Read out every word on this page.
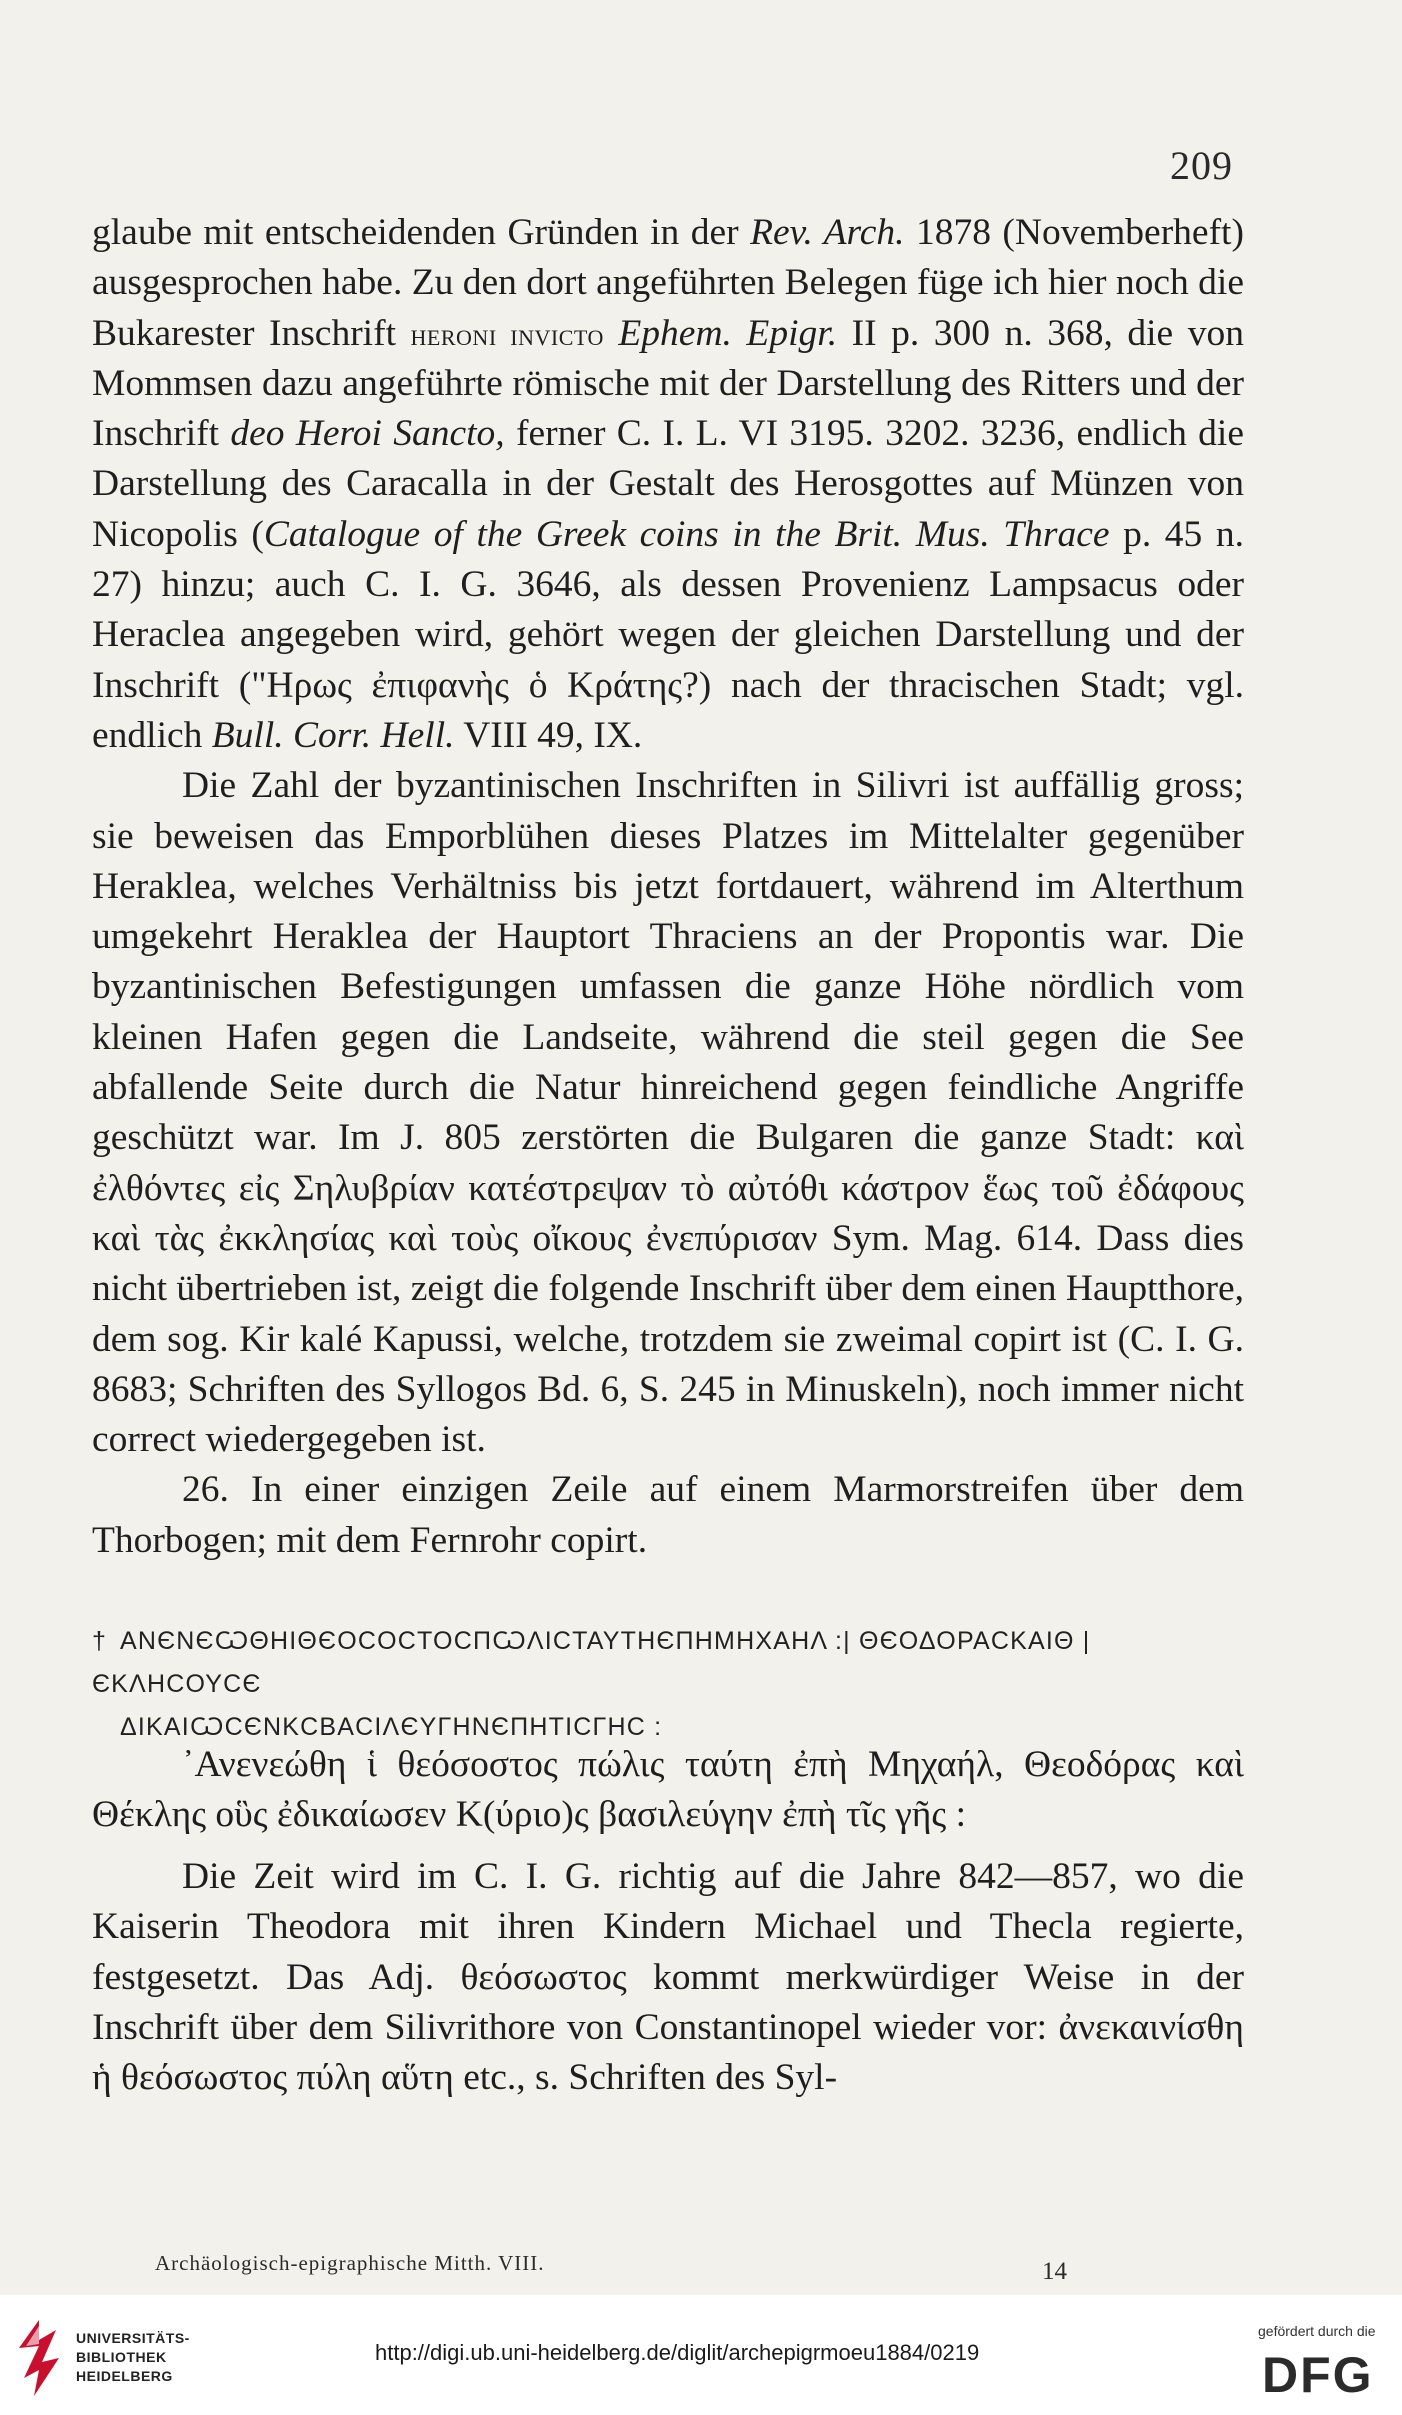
209

glaube mit entscheidenden Gründen in der Rev. Arch. 1878 (Novemberheft) ausgesprochen habe. Zu den dort angeführten Belegen füge ich hier noch die Bukarester Inschrift heroni invicto Ephem. Epigr. II p. 300 n. 368, die von Mommsen dazu angeführte römische mit der Darstellung des Ritters und der Inschrift deo Heroi Sancto, ferner C. I. L. VI 3195. 3202. 3236, endlich die Darstellung des Caracalla in der Gestalt des Herosgottes auf Münzen von Nicopolis (Catalogue of the Greek coins in the Brit. Mus. Thrace p. 45 n. 27) hinzu; auch C. I. G. 3646, als dessen Provenienz Lampsacus oder Heraclea angegeben wird, gehört wegen der gleichen Darstellung und der Inschrift ("Ηρως ἐπιφανὴς ὁ Κράτης?) nach der thracischen Stadt; vgl. endlich Bull. Corr. Hell. VIII 49, IX.

Die Zahl der byzantinischen Inschriften in Silivri ist auffällig gross; sie beweisen das Emporblühen dieses Platzes im Mittelalter gegenüber Heraklea, welches Verhältniss bis jetzt fortdauert, während im Alterthum umgekehrt Heraklea der Hauptort Thraciens an der Propontis war. Die byzantinischen Befestigungen umfassen die ganze Höhe nördlich vom kleinen Hafen gegen die Landseite, während die steil gegen die See abfallende Seite durch die Natur hinreichend gegen feindliche Angriffe geschützt war. Im J. 805 zerstörten die Bulgaren die ganze Stadt: καὶ ἐλθόντες εἰς Σηλυβρίαν κατέστρεψαν τὸ αὐτόθι κάστρον ἕως τοῦ ἐδάφους καὶ τὰς ἐκκλησίας καὶ τοὺς οἴκους ἐνεπύρισαν Sym. Mag. 614. Dass dies nicht übertrieben ist, zeigt die folgende Inschrift über dem einen Hauptthore, dem sog. Kir kalé Kapussi, welche, trotzdem sie zweimal copirt ist (C. I. G. 8683; Schriften des Syllogos Bd. 6, S. 245 in Minuskeln), noch immer nicht correct wiedergegeben ist.

26. In einer einzigen Zeile auf einem Marmorstreifen über dem Thorbogen; mit dem Fernrohr copirt.

† ΑΝЄΝЄѠΘΗΙΘЄΟϹΟϹΤΟϹΠѠΛΙϹΤΑΥΤΗЄΠΗΜΗΧΑΗΛ :| ΘЄΟΔΟΡΑϹΚΑΙΘ | ЄΚΛΗϹΟΥϹЄ
ΔΙΚΑΙѠϹЄΝΚϹΒΑϹΙΛЄΥΓΗΝЄΠΗΤΙϹΓΗϹ :

᾿Ανενεώθη ἱ θεόσοστος πώλις ταύτη ἐπὴ Μηχαήλ, Θεοδόρας καὶ Θέκλης οὓς ἐδικαίωσεν Κ(ύριο)ς βασιλεύγην ἐπὴ τῖς γῆς :

Die Zeit wird im C. I. G. richtig auf die Jahre 842—857, wo die Kaiserin Theodora mit ihren Kindern Michael und Thecla regierte, festgesetzt. Das Adj. θεόσωστος kommt merkwürdiger Weise in der Inschrift über dem Silivrithore von Constantinopel wieder vor: ἀνεκαινίσθη ἡ θεόσωστος πύλη αὕτη etc., s. Schriften des Syl-

Archäologisch-epigraphische Mitth. VIII.	14
UNIVERSITÄTS-
BIBLIOTHEK
HEIDELBERG
http://digi.ub.uni-heidelberg.de/diglit/archepigrmoeu1884/0219
gefördert durch die
DFG
